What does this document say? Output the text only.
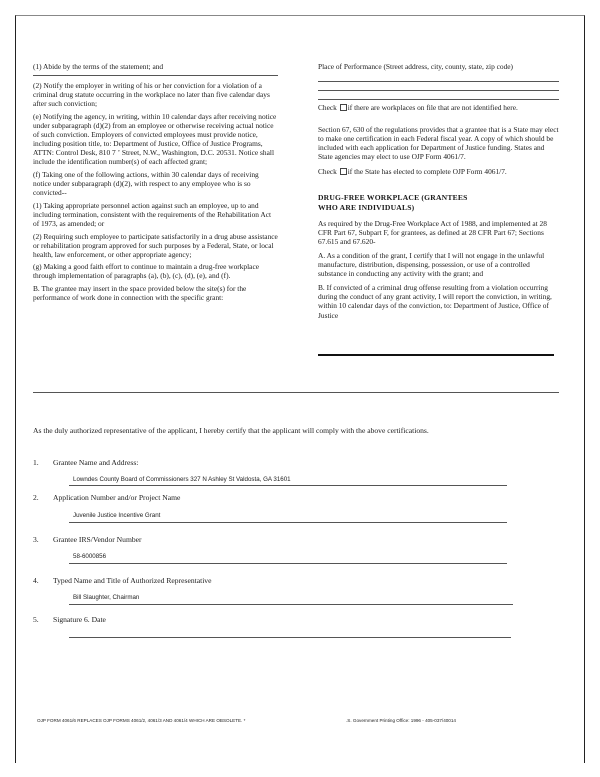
(1) Abide by the terms of the statement; and

(2) Notify the employer in writing of his or her conviction for a violation of a criminal drug statute occurring in the workplace no later than five calendar days after such conviction;

(e) Notifying the agency, in writing, within 10 calendar days after receiving notice under subparagraph (d)(2) from an employee or otherwise receiving actual notice of such conviction. Employers of convicted employees must provide notice, including position title, to: Department of Justice, Office of Justice Programs, ATTN: Control Desk, 810 7 ʼ Street, N.W., Washington, D.C. 20531. Notice shall include the identification number(s) of each affected grant;

(f) Taking one of the following actions, within 30 calendar days of receiving notice under subparagraph (d)(2), with respect to any employee who is so convicted--

(1) Taking appropriate personnel action against such an employee, up to and including termination, consistent with the requirements of the Rehabilitation Act of 1973, as amended; or

(2) Requiring such employee to participate satisfactorily in a drug abuse assistance or rehabilitation program approved for such purposes by a Federal, State, or local health, law enforcement, or other appropriate agency;

(g) Making a good faith effort to continue to maintain a drug-free workplace through implementation of paragraphs (a), (b), (c), (d), (e), and (f).

B. The grantee may insert in the space provided below the site(s) for the performance of work done in connection with the specific grant:

Place of Performance (Street address, city, county, state, zip code)

Check if there are workplaces on file that are not identified here.

Section 67, 630 of the regulations provides that a grantee that is a State may elect to make one certification in each Federal fiscal year. A copy of which should be included with each application for Department of Justice funding. States and State agencies may elect to use OJP Form 4061/7.

Check if the State has elected to complete OJP Form 4061/7.

DRUG-FREE WORKPLACE (GRANTEES

WHO ARE INDIVIDUALS)

As required by the Drug-Free Workplace Act of 1988, and implemented at 28 CFR Part 67, Subpart F, for grantees, as defined at 28 CFR Part 67; Sections 67.615 and 67.620-

A. As a condition of the grant, I certify that I will not engage in the unlawful manufacture, distribution, dispensing, possession, or use of a controlled substance in conducting any activity with the grant; and

B. If convicted of a criminal drug offense resulting from a violation occurring during the conduct of any grant activity, I will report the conviction, in writing, within 10 calendar days of the conviction, to: Department of Justice, Office of Justice

As the duly authorized representative of the applicant, I hereby certify that the applicant will comply with the above certifications.

1. Grantee Name and Address:
Lowndes County Board of Commissioners 327 N Ashley St Valdosta, GA 31601
2. Application Number and/or Project Name
Juvenile Justice Incentive Grant
3. Grantee IRS/Vendor Number
58-6000856
4. Typed Name and Title of Authorized Representative
Bill Slaughter, Chairman
5. Signature 6. Date
OJP FORM 4061/6 REPLACES OJP FORMS 4061/2, 4061/3 AND 4061/4 WHICH ARE OBSOLETE. *	.S. Government Printing Office: 1996 - 405-037/40014
